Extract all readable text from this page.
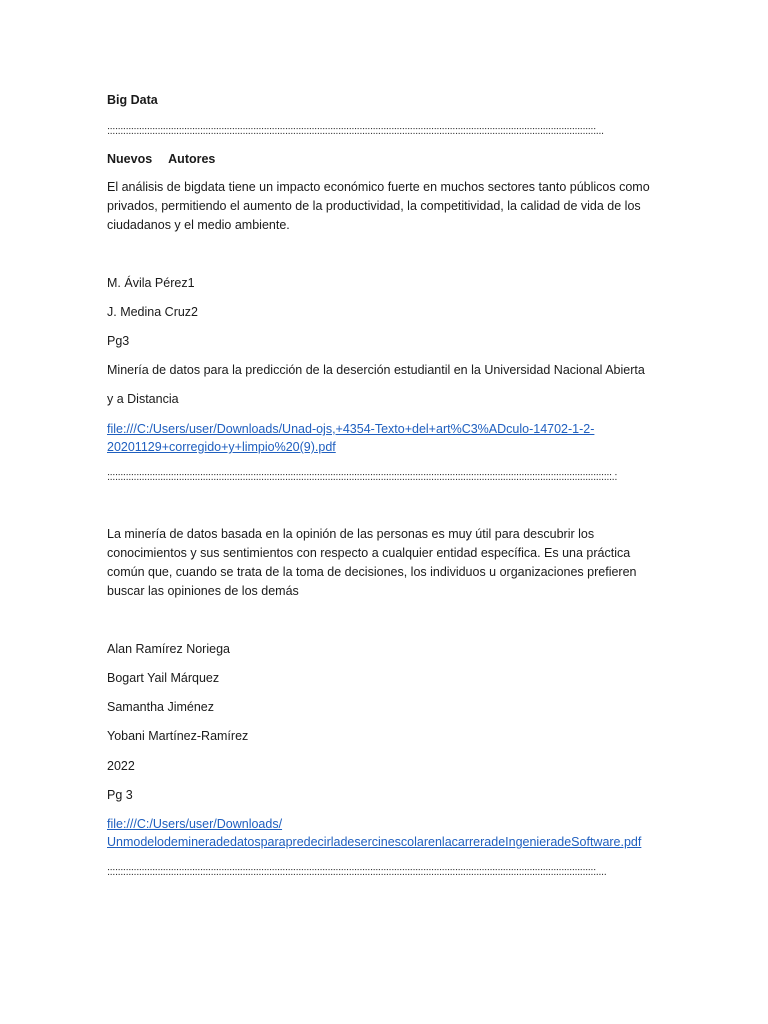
Big Data
::::::::::::::::::::::::::::::::::::::::::::::::::::::::::::::::::::::::::::::::::::::::::::::::::::::::::::::::::::::::::::::::::::::::::::::::::::::::::::::::::::::::::::::::::::::::...
Nuevos Autores

El análisis de bigdata tiene un impacto económico fuerte en muchos sectores tanto públicos como

privados, permitiendo el aumento de la productividad, la competitividad, la calidad de vida de los

ciudadanos y el medio ambiente.

M. Ávila Pérez1
J. Medina Cruz2
Pg3
Minería de datos para la predicción de la deserción estudiantil en la Universidad Nacional Abierta
y a Distancia
file:///C:/Users/user/Downloads/Unad-ojs,+4354-Texto+del+art%C3%ADculo-14702-1-2-
20201129+corregido+y+limpio%20(9).pdf
::::::::::::::::::::::::::::::::::::::::::::::::::::::::::::::::::::::::::::::::::::::::::::::::::::::::::::::::::::::::::::::::::::::::::::::::::::::::::::::::::::::::::::::::::::::::::::::.:

La minería de datos basada en la opinión de las personas es muy útil para descubrir los

conocimientos y sus sentimientos con respecto a cualquier entidad específica. Es una práctica

común que, cuando se trata de la toma de decisiones, los individuos u organizaciones prefieren

buscar las opiniones de los demás

Alan Ramírez Noriega
Bogart Yail Márquez
Samantha Jiménez
Yobani Martínez-Ramírez
2022
Pg 3
file:///C:/Users/user/Downloads/
UnmodelodemineradedatosparapredecirladesercinescolarenlacarreradeIngenieradeSoftware.pdf
::::::::::::::::::::::::::::::::::::::::::::::::::::::::::::::::::::::::::::::::::::::::::::::::::::::::::::::::::::::::::::::::::::::::::::::::::::::::::::::::::::::::::::::::::::::::....
